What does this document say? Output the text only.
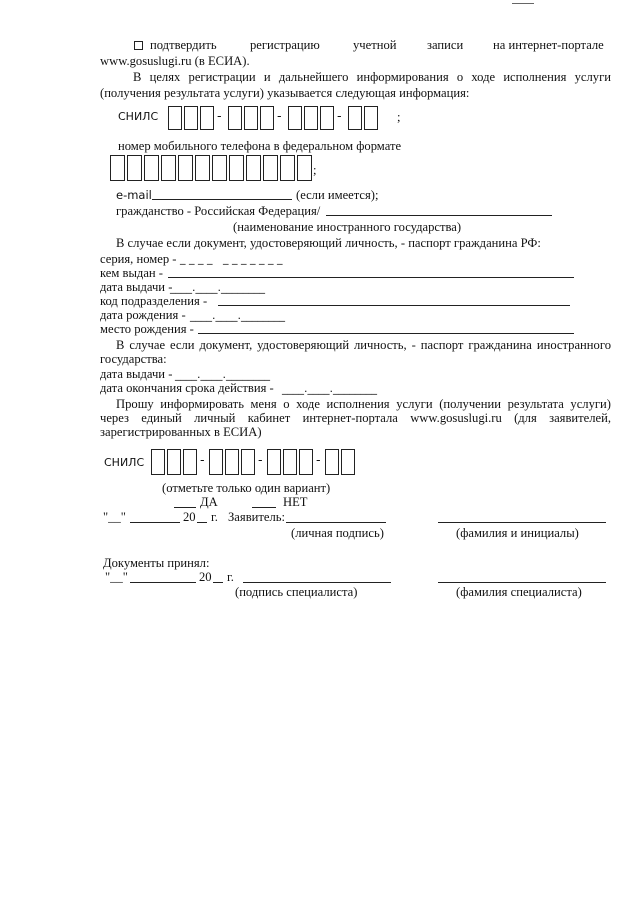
подтвердить	регистрацию	учетной записи на интернет-портале
www.gosuslugi.ru (в ЕСИА).
В целях регистрации и дальнейшего информирования о ходе исполнения услуги
(получения результата услуги) указывается следующая информация:
СНИЛС	-	-	-	;
номер мобильного телефона в федеральном формате
;
e-mail	(если имеется);
гражданство - Российская Федерация/
(наименование иностранного государства)
В случае если документ, удостоверяющий личность, - паспорт гражданина РФ:
серия, номер - _ _ _ _   _ _ _ _ _ _ _
кем выдан -
дата выдачи -
____.____.________
код подразделения -
дата рождения - ____.____.________
место рождения -
В случае если документ, удостоверяющий личность, - паспорт гражданина иностранного
государства:
дата выдачи - ____.____.________
дата окончания срока действия - ____.____.________
Прошу информировать меня о ходе исполнения услуги (получении результата услуги)
через единый личный кабинет интернет-портала www.gosuslugi.ru (для заявителей,
зарегистрированных в ЕСИА)
СНИЛС	-	-	-
(отметьте только один вариант)
ДА	НЕТ
"__"	20 г. Заявитель:
(личная подпись)	(фамилия и инициалы)
Документы принял:
"__"	20 г.
(подпись специалиста)	(фамилия специалиста)
